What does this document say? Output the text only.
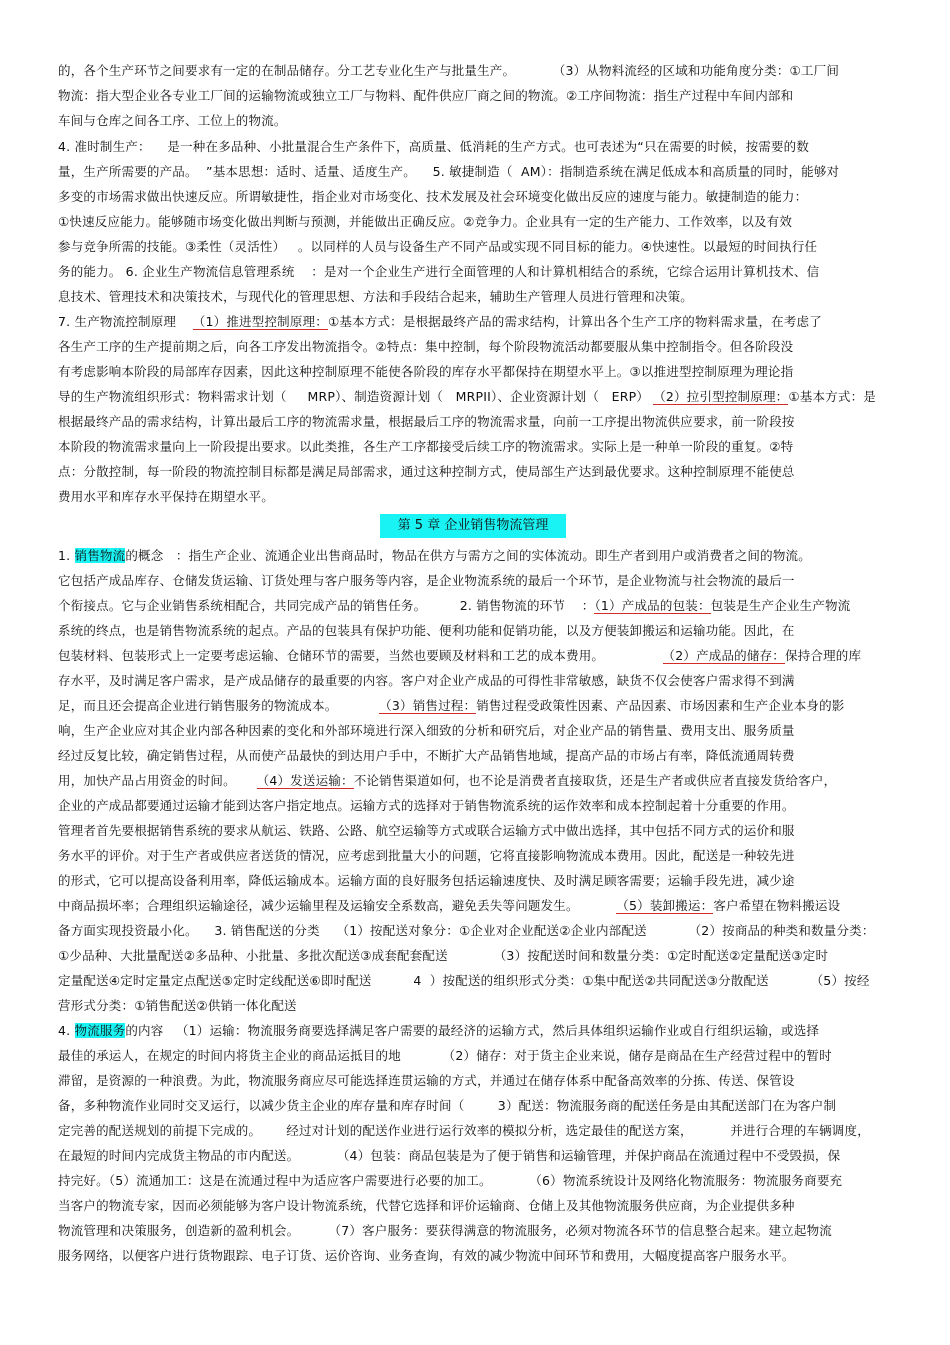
的，各个生产环节之间要求有一定的在制品储存。分工艺专业化生产与批量生产。         （3）从物料流经的区域和功能角度分类：①工厂间
物流：指大型企业各专业工厂间的运输物流或独立工厂与物料、配件供应厂商之间的物流。②工序间物流：指生产过程中车间内部和
车间与仓库之间各工序、工位上的物流。
4. 准时制生产：    是一种在多品种、小批量混合生产条件下，高质量、低消耗的生产方式。也可表述为“只在需要的时候，按需要的数
量，生产所需要的产品。  ”基本思想：适时、适量、适度生产。    5. 敏捷制造（  AM）：指制造系统在满足低成本和高质量的同时，能够对
多变的市场需求做出快速反应。所谓敏捷性，指企业对市场变化、技术发展及社会环境变化做出反应的速度与能力。敏捷制造的能力：
①快速反应能力。能够随市场变化做出判断与预测，并能做出正确反应。②竞争力。企业具有一定的生产能力、工作效率，以及有效
参与竞争所需的技能。③柔性（灵活性）   。以同样的人员与设备生产不同产品或实现不同目标的能力。④快速性。以最短的时间执行任
务的能力。 6. 企业生产物流信息管理系统    ：是对一个企业生产进行全面管理的人和计算机相结合的系统，它综合运用计算机技术、信
息技术、管理技术和决策技术，与现代化的管理思想、方法和手段结合起来，辅助生产管理人员进行管理和决策。
7. 生产物流控制原理    （1）推进型控制原理：①基本方式：是根据最终产品的需求结构，计算出各个生产工序的物料需求量，在考虑了
各生产工序的生产提前期之后，向各工序发出物流指令。②特点：集中控制，每个阶段物流活动都要服从集中控制指令。但各阶段没
有考虑影响本阶段的局部库存因素，因此这种控制原理不能使各阶段的库存水平都保持在期望水平上。③以推进型控制原理为理论指
导的生产物流组织形式：物料需求计划（     MRP）、制造资源计划（   MRPII）、企业资源计划（   ERP） （2）拉引型控制原理：①基本方式：是
根据最终产品的需求结构，计算出最后工序的物流需求量，根据最后工序的物流需求量，向前一工序提出物流供应要求，前一阶段按
本阶段的物流需求量向上一阶段提出要求。以此类推，各生产工序都接受后续工序的物流需求。实际上是一种单一阶段的重复。②特
点：分散控制，每一阶段的物流控制目标都是满足局部需求，通过这种控制方式，使局部生产达到最优要求。这种控制原理不能使总
费用水平和库存水平保持在期望水平。
第 5 章 企业销售物流管理
1. 销售物流的概念   ：指生产企业、流通企业出售商品时，物品在供方与需方之间的实体流动。即生产者到用户或消费者之间的物流。
它包括产成品库存、仓储发货运输、订货处理与客户服务等内容，是企业物流系统的最后一个环节，是企业物流与社会物流的最后一
个衔接点。它与企业销售系统相配合，共同完成产品的销售任务。        2. 销售物流的环节    ：（1）产成品的包装：包装是生产企业生产物流
系统的终点，也是销售物流系统的起点。产品的包装具有保护功能、便利功能和促销功能，以及方便装卸搬运和运输功能。因此，在
包装材料、包装形式上一定要考虑运输、仓储环节的需要，当然也要顾及材料和工艺的成本费用。              （2）产成品的储存：保持合理的库
存水平，及时满足客户需求，是产成品储存的最重要的内容。客户对企业产成品的可得性非常敏感，缺货不仅会使客户需求得不到满
足，而且还会提高企业进行销售服务的物流成本。          （3）销售过程：销售过程受政策性因素、产品因素、市场因素和生产企业本身的影
响，生产企业应对其企业内部各种因素的变化和外部环境进行深入细致的分析和研究后，对企业产品的销售量、费用支出、服务质量
经过反复比较，确定销售过程，从而使产品最快的到达用户手中，不断扩大产品销售地域，提高产品的市场占有率，降低流通周转费
用，加快产品占用资金的时间。     （4）发送运输：不论销售渠道如何，也不论是消费者直接取货，还是生产者或供应者直接发货给客户，
企业的产成品都要通过运输才能到达客户指定地点。运输方式的选择对于销售物流系统的运作效率和成本控制起着十分重要的作用。
管理者首先要根据销售系统的要求从航运、铁路、公路、航空运输等方式或联合运输方式中做出选择，其中包括不同方式的运价和服
务水平的评价。对于生产者或供应者送货的情况，应考虑到批量大小的问题，它将直接影响物流成本费用。因此，配送是一种较先进
的形式，它可以提高设备利用率，降低运输成本。运输方面的良好服务包括运输速度快、及时满足顾客需要；运输手段先进，减少途
中商品损坏率；合理组织运输途径，减少运输里程及运输安全系数高，避免丢失等问题发生。         （5）装卸搬运：客户希望在物料搬运设
备方面实现投资最小化。    3. 销售配送的分类    （1）按配送对象分：①企业对企业配送②企业内部配送          （2）按商品的种类和数量分类：
①少品种、大批量配送②多品种、小批量、多批次配送③成套配套配送           （3）按配送时间和数量分类：①定时配送②定量配送③定时
定量配送④定时定量定点配送⑤定时定线配送⑥即时配送          4  ）按配送的组织形式分类：①集中配送②共同配送③分散配送          （5）按经
营形式分类：①销售配送②供销一体化配送
4. 物流服务的内容   （1）运输：物流服务商要选择满足客户需要的最经济的运输方式，然后具体组织运输作业或自行组织运输，或选择
最佳的承运人，在规定的时间内将货主企业的商品运抵目的地          （2）储存：对于货主企业来说，储存是商品在生产经营过程中的暂时
滞留，是资源的一种浪费。为此，物流服务商应尽可能选择连贯运输的方式，并通过在储存体系中配备高效率的分拣、传送、保管设
备，多种物流作业同时交叉运行，以减少货主企业的库存量和库存时间（        3）配送：物流服务商的配送任务是由其配送部门在为客户制
定完善的配送规划的前提下完成的。      经过对计划的配送作业进行运行效率的模拟分析，选定最佳的配送方案，         并进行合理的车辆调度，
在最短的时间内完成货主物品的市内配送。         （4）包装：商品包装是为了便于销售和运输管理，并保护商品在流通过程中不受毁损，保
持完好。（5）流通加工：这是在流通过程中为适应客户需要进行必要的加工。         （6）物流系统设计及网络化物流服务：物流服务商要充
当客户的物流专家，因而必须能够为客户设计物流系统，代替它选择和评价运输商、仓储上及其他物流服务供应商，为企业提供多种
物流管理和决策服务，创造新的盈利机会。       （7）客户服务：要获得满意的物流服务，必须对物流各环节的信息整合起来。建立起物流
服务网络，以便客户进行货物跟踪、电子订货、运价咨询、业务查询，有效的减少物流中间环节和费用，大幅度提高客户服务水平。
